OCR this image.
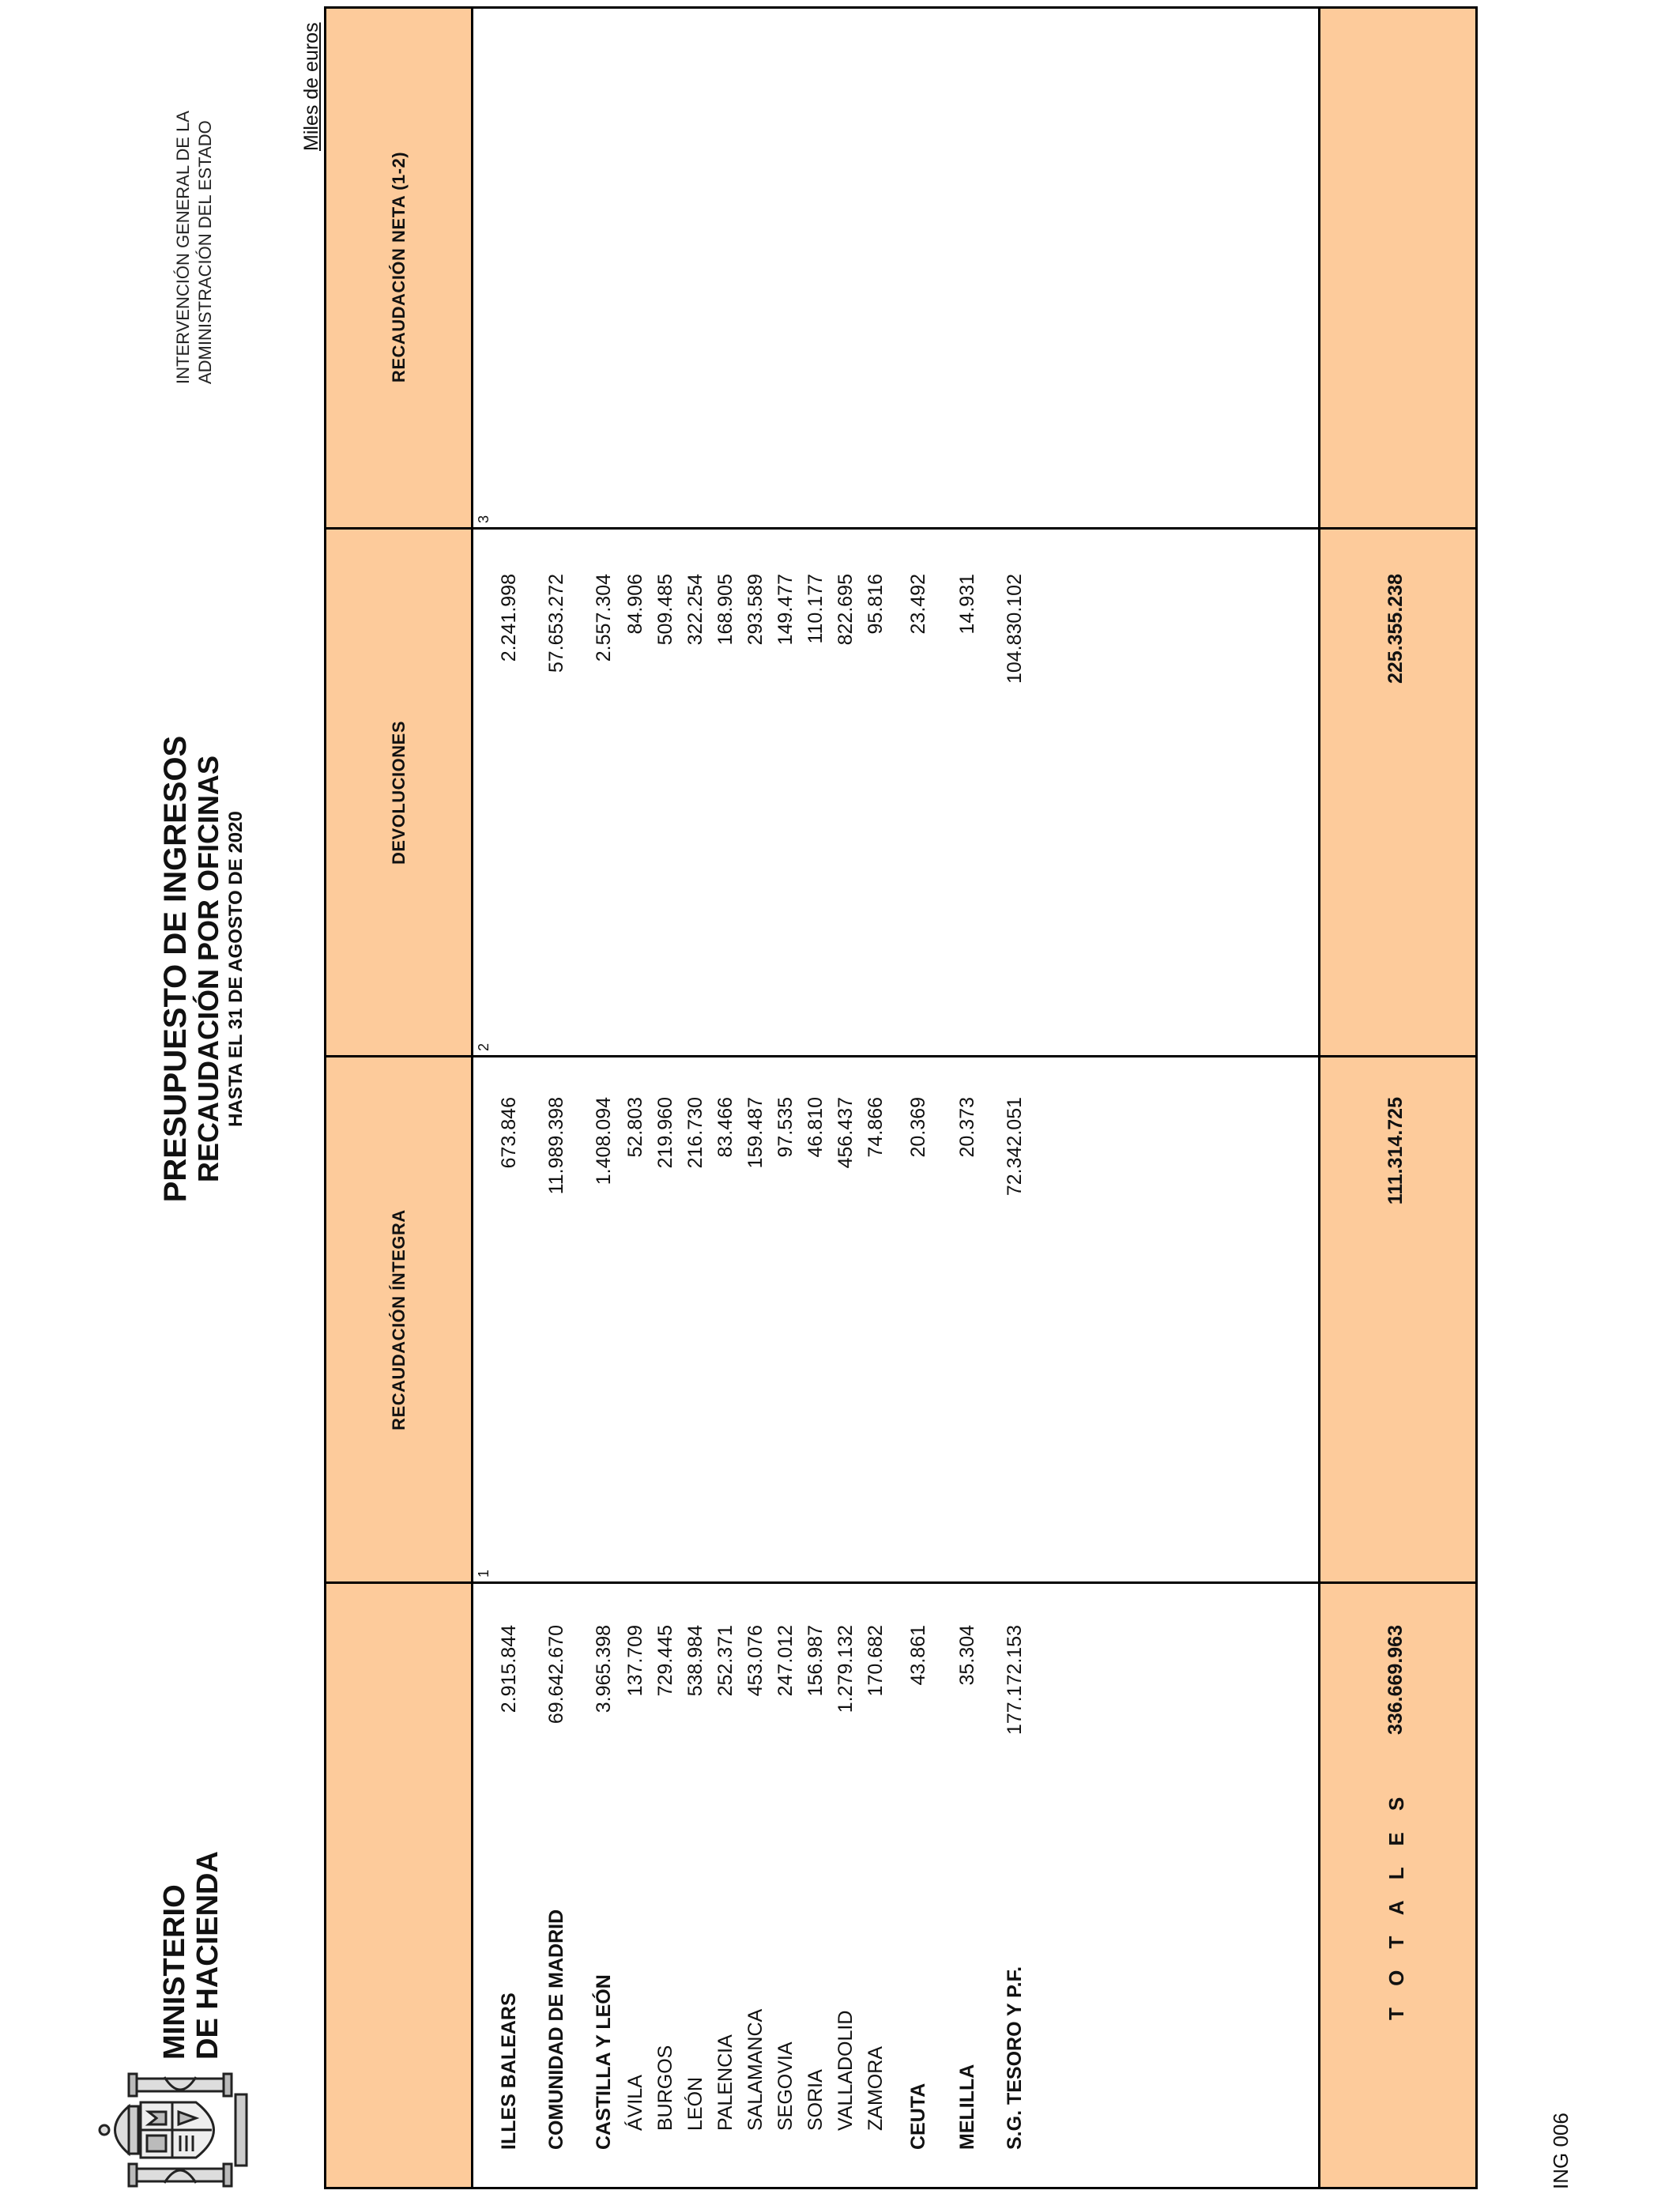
MINISTERIO DE HACIENDA
PRESUPUESTO DE INGRESOS RECAUDACIÓN POR OFICINAS HASTA EL 31 DE AGOSTO DE 2020
INTERVENCIÓN GENERAL DE LA ADMINISTRACIÓN DEL ESTADO
Miles de euros
RECAUDACIÓN ÍNTEGRA
DEVOLUCIONES
RECAUDACIÓN NETA (1-2)
1
2
3
ILLES BALEARS
2.915.844
673.846
2.241.998
COMUNIDAD DE MADRID
69.642.670
11.989.398
57.653.272
CASTILLA Y LEÓN
3.965.398
1.408.094
2.557.304
ÁVILA
137.709
52.803
84.906
BURGOS
729.445
219.960
509.485
LEÓN
538.984
216.730
322.254
PALENCIA
252.371
83.466
168.905
SALAMANCA
453.076
159.487
293.589
SEGOVIA
247.012
97.535
149.477
SORIA
156.987
46.810
110.177
VALLADOLID
1.279.132
456.437
822.695
ZAMORA
170.682
74.866
95.816
CEUTA
43.861
20.369
23.492
MELILLA
35.304
20.373
14.931
S.G. TESORO Y P.F.
177.172.153
72.342.051
104.830.102
T O T A L E S
336.669.963
111.314.725
225.355.238
ING 006
